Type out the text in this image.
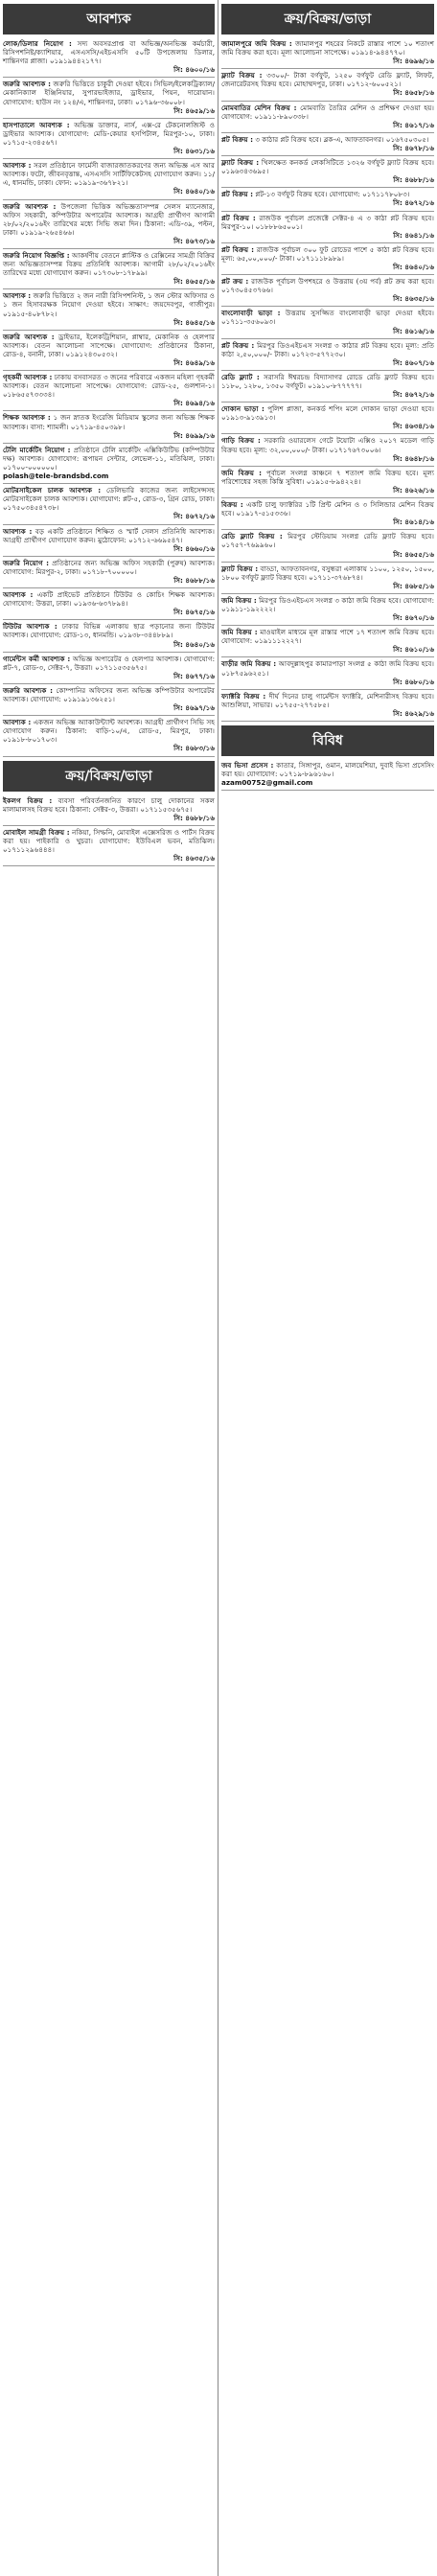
আবশ্যক
লোক/ডিলার নিয়োগ : সদ্য অবসরপ্রাপ্ত বা অভিজ্ঞ/অনভিজ্ঞ কর্মচারী, রিসিপশনিষ্ট/ক্যাশিয়ার, এসএসসি/এইচএসসি ৫০টি উপজেলায় ডিলার, শান্তিনগর প্লাজা। ০১৯১৯৪৪২১৭৭।
সি: ৪৬০০/১৬
জরুরি আবশ্যক : জরুরি ভিত্তিতে চাকুরী দেওয়া হইবে। সিভিল/ইলেকট্রিক্যাল/মেকানিক্যাল ইঞ্জিনিয়ার, সুপারভাইজার, ড্রাইভার, পিয়ন, দারোয়ান। যোগাযোগ: হাউস নং ১২৪/এ, শান্তিনগর, ঢাকা। ০১৭৯৬-৩৬০০৮।
সি: ৪৬৫৯/১৬
হাসপাতালে আবশ্যক : অভিজ্ঞ ডাক্তার, নার্স, এক্স-রে টেকনোলজিস্ট ও ড্রাইভার আবশ্যক। যোগাযোগ: মেডি-কেয়ার হসপিটাল, মিরপুর-১০, ঢাকা। ০১৭১৫-২৩৪৫৬৭।
সি: ৪৬৩১/১৬
আবশ্যক : সরল প্রতিষ্ঠানে ফার্মেসী বাজারজাতকরণের জন্য অভিজ্ঞ এস আর আবশ্যক। ফটো, জীবনবৃত্তান্ত, এসএসসি সার্টিফিকেটসহ যোগাযোগ করুন। ১১/এ, ধানমন্ডি, ঢাকা। ফোন: ০১৯১৯-৩৬৭৮২১।
সি: ৪৬৪০/১৬
জরুরি আবশ্যক : উপজেলা ভিত্তিক অভিজ্ঞতাসম্পন্ন সেলস ম্যানেজার, অফিস সহকারী, কম্পিউটার অপারেটর আবশ্যক। আগ্রহী প্রার্থীগণ আগামী ২৮/০২/২০১৬ইং তারিখের মধ্যে সিভি জমা দিন। ঠিকানা: এডি-৩৯, পল্টন, ঢাকা। ০১৯১৯-২৬৫৪৬৬।
সি: ৪৬৭৩/১৬
জরুরি নিয়োগ বিজ্ঞপ্তি : আকর্ষণীয় বেতনে প্লাস্টিক ও রেক্সিনের সামগ্রী বিক্রির জন্য অভিজ্ঞতাসম্পন্ন বিক্রয় প্রতিনিধি আবশ্যক। আগামী ২৮/০২/২০১৬ইং তারিখের মধ্যে যোগাযোগ করুন। ০১৭৩০৮-১৭৮৯৯।
সি: ৪৬৫৫/১৬
আবশ্যক : জরুরি ভিত্তিতে ২ জন নারী রিসিপশনিস্ট, ১ জন স্টোর অফিসার ও ১ জন হিসাবরক্ষক নিয়োগ দেওয়া হইবে। সাক্ষাৎ: জয়দেবপুর, গাজীপুর। ০১৯১৫-৪০৮৭৮২।
সি: ৪৬৪৫/১৬
জরুরি আবশ্যক : ড্রাইভার, ইলেকট্রিশিয়ান, প্লাম্বার, মেকানিক ও হেলপার আবশ্যক। বেতন আলোচনা সাপেক্ষে। যোগাযোগ: প্রতিষ্ঠানের ঠিকানা, রোড-৪, বনানী, ঢাকা। ০১৯১২৪৩০৫৩২।
সি: ৪৬৪৯/১৬
গৃহকর্মী আবশ্যক : ঢাকায় বসবাসরত ৩ জনের পরিবারে একজন মহিলা গৃহকর্মী আবশ্যক। বেতন আলোচনা সাপেক্ষে। যোগাযোগ: রোড-২৫, গুলশান-১। ০১৮৬৫৫৭৩৩৩৪।
সি: ৪৬৯৪/১৬
শিক্ষক আবশ্যক : ১ জন স্নাতক ইংরেজি মিডিয়াম স্কুলের জন্য অভিজ্ঞ শিক্ষক আবশ্যক। বাসা: শ্যামলী। ০১৭১৯-৪৫০৩৯৮।
সি: ৪৬৯৯/১৬
টেলি মার্কেটিং নিয়োগ : প্রতিষ্ঠানে টেলি মার্কেটিং এক্সিকিউটিভ (কম্পিউটার দক্ষ) আবশ্যক। যোগাযোগ: রূপায়ন সেন্টার, লেভেল-১১, মতিঝিল, ঢাকা। ০১৭০০-০০০০০০।
polash@tele-brandsbd.com
মোটরসাইকেল চালক আবশ্যক : ডেলিভারি কাজের জন্য লাইসেন্সসহ মোটরসাইকেল চালক আবশ্যক। যোগাযোগ: প্লট-৫, রোড-৩, গ্রিন রোড, ঢাকা। ০১৭৫০৩৪৫৪৭৩৮।
সি: ৪৬৭২/১৬
আবশ্যক : বড় একটি প্রতিষ্ঠানে শিক্ষিত ও স্মার্ট সেলস প্রতিনিধি আবশ্যক। আগ্রহী প্রার্থীগণ যোগাযোগ করুন। মুঠোফোন: ০১৭১২-৬৬৯৫৪৭।
সি: ৪৬৬০/১৬
জরুরি নিয়োগ : প্রতিষ্ঠানের জন্য অভিজ্ঞ অফিস সহকারী (পুরুষ) আবশ্যক। যোগাযোগ: মিরপুর-২, ঢাকা। ০১৭১৮-৭০০০০০।
সি: ৪৬৮৮/১৬
আবশ্যক : একটি প্রাইভেট প্রতিষ্ঠানে টিউটর ও কোচিং শিক্ষক আবশ্যক। যোগাযোগ: উত্তরা, ঢাকা। ০১৯৩৬-৬৩৭৮৯৪।
সি: ৪৬৭৫/১৬
টিউটর আবশ্যক : ঢাকার বিভিন্ন এলাকায় ছাত্র পড়ানোর জন্য টিউটর আবশ্যক। যোগাযোগ: রোড-১৩, ধানমন্ডি। ০১৯৩৮-৩৪৪৮৮৯।
সি: ৪৬৪০/১৬
গার্মেন্টস কর্মী আবশ্যক : অভিজ্ঞ অপারেটর ও হেলপার আবশ্যক। যোগাযোগ: প্লট-৭, রোড-৩, সেক্টর-৭, উত্তরা। ০১৭১১৫৩৫৬৭৫।
সি: ৪৬৭৭/১৬
জরুরি আবশ্যক : কোম্পানির অফিসের জন্য অভিজ্ঞ কম্পিউটার অপারেটর আবশ্যক। যোগাযোগ: ০১৯১৯১৩৬২৫১।
সি: ৪৬৯৭/১৬
আবশ্যক : একজন অভিজ্ঞ অ্যাকাউন্ট্যান্ট আবশ্যক। আগ্রহী প্রার্থীগণ সিভি সহ যোগাযোগ করুন। ঠিকানা: বাড়ি-১০/এ, রোড-৫, মিরপুর, ঢাকা। ০১৯১৮-৮০১৭০৩।
সি: ৪৬৮৩/১৬
ক্রয়/বিক্রয়/ভাড়া
ইকলগ বিক্রয় : ব্যবসা পরিবর্তনজনিত কারণে চালু দোকানের সকল মালামালসহ বিক্রয় হবে। ঠিকানা: সেক্টর-৩, উত্তরা। ০১৭১১৫৩৫৬৭৫।
সি: ৪৬৮৮/১৬
মোবাইল সামগ্রী বিক্রয় : নকিয়া, সিম্ফনি, মোবাইল এক্সেসরিজ ও পার্টস বিক্রয় করা হয়। পাইকারি ও খুচরা। যোগাযোগ: ইউবিএল ভবন, মতিঝিল। ০১৭১১২৯৬৪৪৪।
সি: ৪৬৩৫/১৬
ক্রয়/বিক্রয়/ভাড়া
জামালপুরে জমি বিক্রয় : জামালপুর শহরের নিকটে রাস্তার পাশে ১০ শতাংশ জমি বিক্রয় করা হবে। মূল্য আলোচনা সাপেক্ষে। ০১৯১৪-৯৪৪৭৭০।
সি: ৪৬৯৬/১৬
ফ্ল্যাট বিক্রয় : ৩৩০০/- টাকা বর্গফুট, ১২৫০ বর্গফুট রেডি ফ্ল্যাট, লিফট, জেনারেটরসহ বিক্রয় হবে। মোহাম্মদপুর, ঢাকা। ০১৭১২-৬০০৫২১।
সি: ৪৬৫৮/১৬
মোমবাতির মেশিন বিক্রয় : মোমবাতি তৈরির মেশিন ও প্রশিক্ষণ দেওয়া হয়। যোগাযোগ: ০১৯১১-৮৯০৩৩৮।
সি: ৪৬১৭/১৬
প্লট বিক্রয় : ৩ কাঠার প্লট বিক্রয় হবে। ব্লক-এ, আফতাবনগর। ০১৬৭৫০৩০৫।
সি: ৪৬৭৮/১৬
ফ্ল্যাট বিক্রয় : খিলক্ষেত কনকর্ড লেকসিটিতে ১৩২৬ বর্গফুট ফ্ল্যাট বিক্রয় হবে। ০১৯৬৩৪৩৬৯৫।
সি: ৪৬৮৮/১৬
প্লট বিক্রয় : প্লট-১৩ বর্গফুট বিক্রয় হবে। যোগাযোগ: ০১৭১১৭৮০৮৩।
সি: ৪৬৭২/১৬
প্লট বিক্রয় : রাজউক পূর্বাচল প্রজেক্টে সেক্টর-৪ এ ৩ কাঠা প্লট বিক্রয় হবে। মিরপুর-১০। ০১৮৮৮৬৫০০১।
সি: ৪৬৪১/১৬
প্লট বিক্রয় : রাজউক পূর্বাচল ৩০০ ফুট রোডের পাশে ৫ কাঠা প্লট বিক্রয় হবে। মূল্য: ৬৫,০০,০০০/- টাকা। ০১৭১১১৮৯৮৯।
সি: ৪৬৪০/১৬
প্লট ক্রয় : রাজউক পূর্বাচল উপশহরে ও উত্তরায় (৩য় পর্ব) প্লট ক্রয় করা হবে। ০১৭৩০৪৫৩৭৬৬।
সি: ৪৬৩৫/১৬
বাংলোবাড়ী ভাড়া : উত্তরায় সুসজ্জিত বাংলোবাড়ী ভাড়া দেওয়া হইবে। ০১৭১১-৩৫৬০৯৩।
সি: ৪৬১৬/১৬
প্লট বিক্রয় : মিরপুর ডিওএইচএস সংলগ্ন ৩ কাঠার প্লট বিক্রয় হবে। মূল্য: প্রতি কাঠা ২,৫০,০০০/- টাকা। ০১৭২৩-৫৭৭২৩০।
সি: ৪৬০৭/১৬
রেডি ফ্ল্যাট : সরাসরি ঈশ্বরচন্দ্র বিদ্যাসাগর রোডে রেডি ফ্ল্যাট বিক্রয় হবে। ১১৮০, ১২৮০, ১৩৫০ বর্গফুট। ০১৯১০-৮৭৭৭৭৭।
সি: ৪৬৭২/১৬
দোকান ভাড়া : পুলিশ প্লাজা, কনকর্ড শপিং মলে দোকান ভাড়া দেওয়া হবে। ০১৯১৩-৯১৩৯১৩।
সি: ৪৬৩৪/১৬
গাড়ি বিক্রয় : সরকারি ওয়ারলেস গেটে টয়োটা এক্সিও ২০১৭ মডেল গাড়ি বিক্রয় হবে। মূল্য: ৩২,০০,০০০/- টাকা। ০১৭১৭৬৭৩০০৬।
সি: ৪৬৪৮/১৬
জমি বিক্রয় : পূর্বাচল সংলগ্ন কাঞ্চনে ৭ শতাংশ জমি বিক্রয় হবে। মূল্য পরিশোধের সহজ কিস্তি সুবিধা। ০১৯১৫-৮৯৪২২৪।
সি: ৪৬২৬/১৬
বিক্রয় : একটি চালু ফ্যাক্টরির ১টি প্রিন্ট মেশিন ও ৩ সিলিন্ডার মেশিন বিক্রয় হবে। ০১৯১৭-৫১৫৩৩৬।
সি: ৪৬১৪/১৬
রেডি ফ্ল্যাট বিক্রয় : মিরপুর স্টেডিয়াম সংলগ্ন রেডি ফ্ল্যাট বিক্রয় হবে। ০১৭৫৭-৭৬৯৯৬০।
সি: ৪৬৫৫/১৬
ফ্ল্যাট বিক্রয় : বাড্ডা, আফতাবনগর, বসুন্ধরা এলাকায় ১১০০, ১২৫০, ১৫০০, ১৮০০ বর্গফুট ফ্ল্যাট বিক্রয় হবে। ০১৭১১-৩৭৬৮৭৪।
সি: ৪৬৮৫/১৬
জমি বিক্রয় : মিরপুর ডিওএইচএস সংলগ্ন ৩ কাঠা জমি বিক্রয় হবে। যোগাযোগ: ০১৯১১-১৯২২২২।
সি: ৪৬৭০/১৬
জমি বিক্রয় : মাওয়াইল মাধ্যমে মূল রাস্তার পাশে ১৭ শতাংশ জমি বিক্রয় হবে। যোগাযোগ: ০১৯১১১২২২৭।
সি: ৪৬১০/১৬
বাড়ীর জমি বিক্রয় : আবদুল্লাহপুর কামারপাড়া সংলগ্ন ৫ কাঠা জমি বিক্রয় হবে। ০১৮৭৫৯৬২৫১।
সি: ৪৬৮০/১৬
ফ্যাক্টরি বিক্রয় : দীর্ঘ দিনের চালু গার্মেন্টস ফ্যাক্টরি, মেশিনারীসহ বিক্রয় হবে। আশুলিয়া, সাভার। ০১৭৫৫-২৭৭৫৮৫।
সি: ৪৬২৯/১৬
বিবিধ
জব ভিসা প্রসেস : কাতার, সিঙ্গাপুর, ওমান, মালয়েশিয়া, দুবাই ভিসা প্রসেসিং করা হয়। যোগাযোগ: ০১৭১৯-৮৯৬১৬০।
azam00752@gmail.com
